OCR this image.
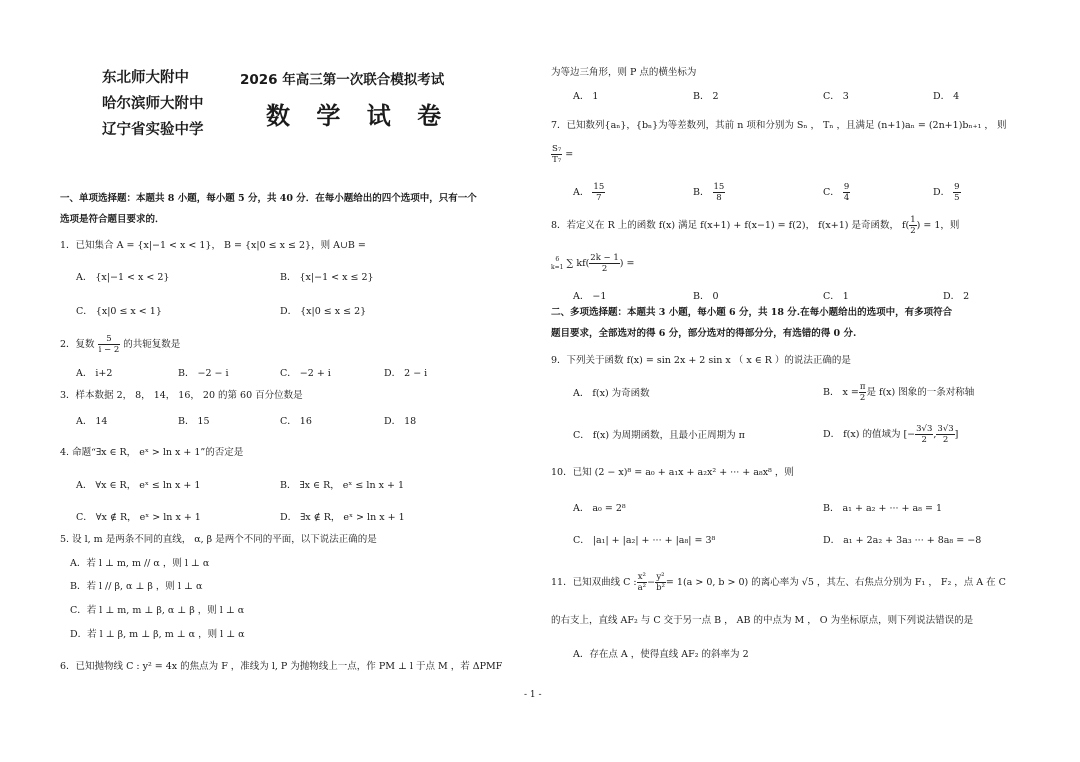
东北师大附中
哈尔滨师大附中
辽宁省实验中学
2026 年高三第一次联合模拟考试
数 学 试 卷
一、单项选择题：本题共 8 小题，每小题 5 分，共 40 分．在每小题给出的四个选项中，只有一个
选项是符合题目要求的．
1．已知集合 A = {x|−1 < x < 1}， B = {x|0 ≤ x ≤ 2}，则 A∪B =
A． {x|−1 < x < 2}	B． {x|−1 < x ≤ 2}
C． {x|0 ≤ x < 1}	D． {x|0 ≤ x ≤ 2}
2．复数 $\frac{5}{i - 2}$ 的共轭复数是
A． i+2	B． −2 − i	C． −2 + i	D． 2 − i
3．样本数据 2， 8， 14， 16， 20 的第 60 百分位数是
A． 14	B． 15	C． 16	D． 18
4. 命题“∃x ∈ R， eˣ > ln x + 1”的否定是
A． ∀x ∈ R， eˣ ≤ ln x + 1	B． ∃x ∈ R， eˣ ≤ ln x + 1
C． ∀x ∉ R， eˣ > ln x + 1	D． ∃x ∉ R， eˣ > ln x + 1
5. 设 l, m 是两条不同的直线， α, β 是两个不同的平面，以下说法正确的是
A．若 l ⊥ m, m // α ，则 l ⊥ α
B．若 l // β, α ⊥ β ，则 l ⊥ α
C．若 l ⊥ m, m ⊥ β, α ⊥ β ，则 l ⊥ α
D．若 l ⊥ β, m ⊥ β, m ⊥ α ，则 l ⊥ α
6．已知抛物线 C : y² = 4x 的焦点为 F ，准线为 l, P 为抛物线上一点，作 PM ⊥ l 于点 M ，若 ΔPMF
为等边三角形，则 P 点的横坐标为
A． 1	B． 2	C． 3	D． 4
7．已知数列{aₙ}，{bₙ}为等差数列，其前 n 项和分别为 Sₙ ， Tₙ ，且满足 (n+1)aₙ = (2n+1)bₙ₊₁ ， 则
$\frac{\text{S₇}}{\text{T₇}}$ =
A． $\frac{15}{7}$	B． $\frac{15}{8}$	C． $\frac{9}{4}$	D． $\frac{9}{5}$
8．若定义在 R 上的函数 f(x) 满足 f(x+1) + f(x−1) = f(2)， f(x+1) 是奇函数， $f( \frac{1}{2}$ ) = 1，则
6
k=1 ∑ $kf( \frac{2k - 1}{2}$ ) =
A． −1	B． 0	C． 1	D． 2
二、多项选择题：本题共 3 小题，每小题 6 分，共 18 分.在每小题给出的选项中，有多项符合
题目要求，全部选对的得 6 分，部分选对的得部分分，有选错的得 0 分.
9．下列关于函数 f(x) = sin 2x + 2 sin x （ x ∈ R ）的说法正确的是
A． f(x) 为奇函数	B． $x = \frac{\pi}{2}$ 是 f(x) 图象的一条对称轴
C． f(x) 为周期函数，且最小正周期为 π	D． f(x) 的值域为 [− $\frac{3√3}{2}$ , $\frac{3√3}{2}$ ]
10．已知 (2 − x)⁸ = a₀ + a₁x + a₂x² + ··· + a₈x⁸ ，则
A． a₀ = 2⁸	B． a₁ + a₂ + ··· + a₈ = 1
C． |a₁| + |a₂| + ··· + |a₈| = 3⁸	D． a₁ + 2a₂ + 3a₃ ··· + 8a₈ = −8
11．已知双曲线 C : $\frac{\text{x²}}{\text{a²}} - \frac{\text{y²}}{\text{b²}} = 1(a > 0$, b > 0) 的离心率为 √5 ，其左、右焦点分别为 F₁ ， F₂ ，点 A 在 C
的右支上，直线 AF₂ 与 C 交于另一点 B ， AB 的中点为 M ， O 为坐标原点，则下列说法错误的是
A．存在点 A ，使得直线 AF₂ 的斜率为 2
- 1 -
